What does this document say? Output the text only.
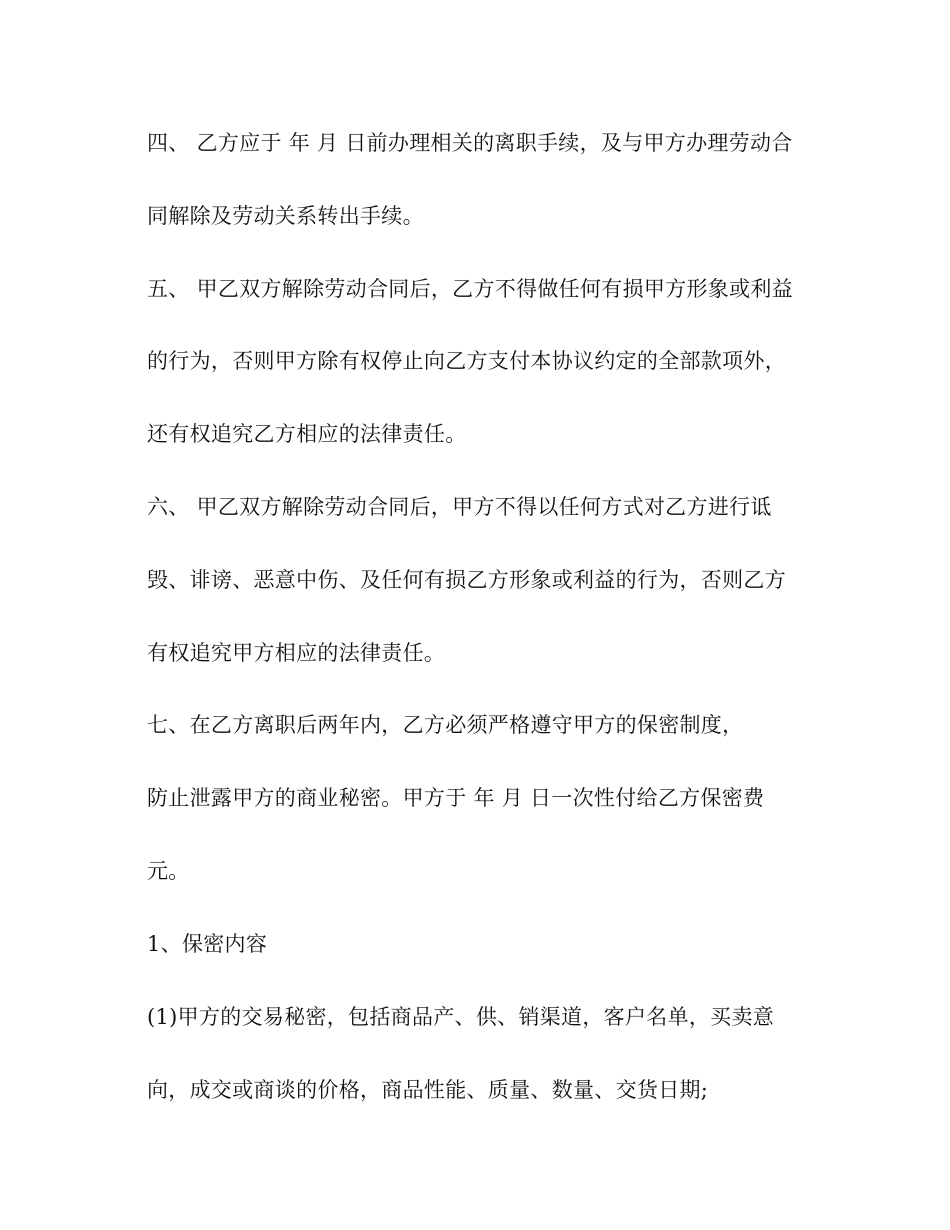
四、 乙方应于 年 月 日前办理相关的离职手续，及与甲方办理劳动合
同解除及劳动关系转出手续。
五、 甲乙双方解除劳动合同后，乙方不得做任何有损甲方形象或利益
的行为，否则甲方除有权停止向乙方支付本协议约定的全部款项外，
还有权追究乙方相应的法律责任。
六、 甲乙双方解除劳动合同后，甲方不得以任何方式对乙方进行诋
毁、诽谤、恶意中伤、及任何有损乙方形象或利益的行为，否则乙方
有权追究甲方相应的法律责任。
七、在乙方离职后两年内，乙方必须严格遵守甲方的保密制度，
防止泄露甲方的商业秘密。甲方于 年 月 日一次性付给乙方保密费
元。
1、保密内容
(1)甲方的交易秘密，包括商品产、供、销渠道，客户名单，买卖意
向，成交或商谈的价格，商品性能、质量、数量、交货日期;
